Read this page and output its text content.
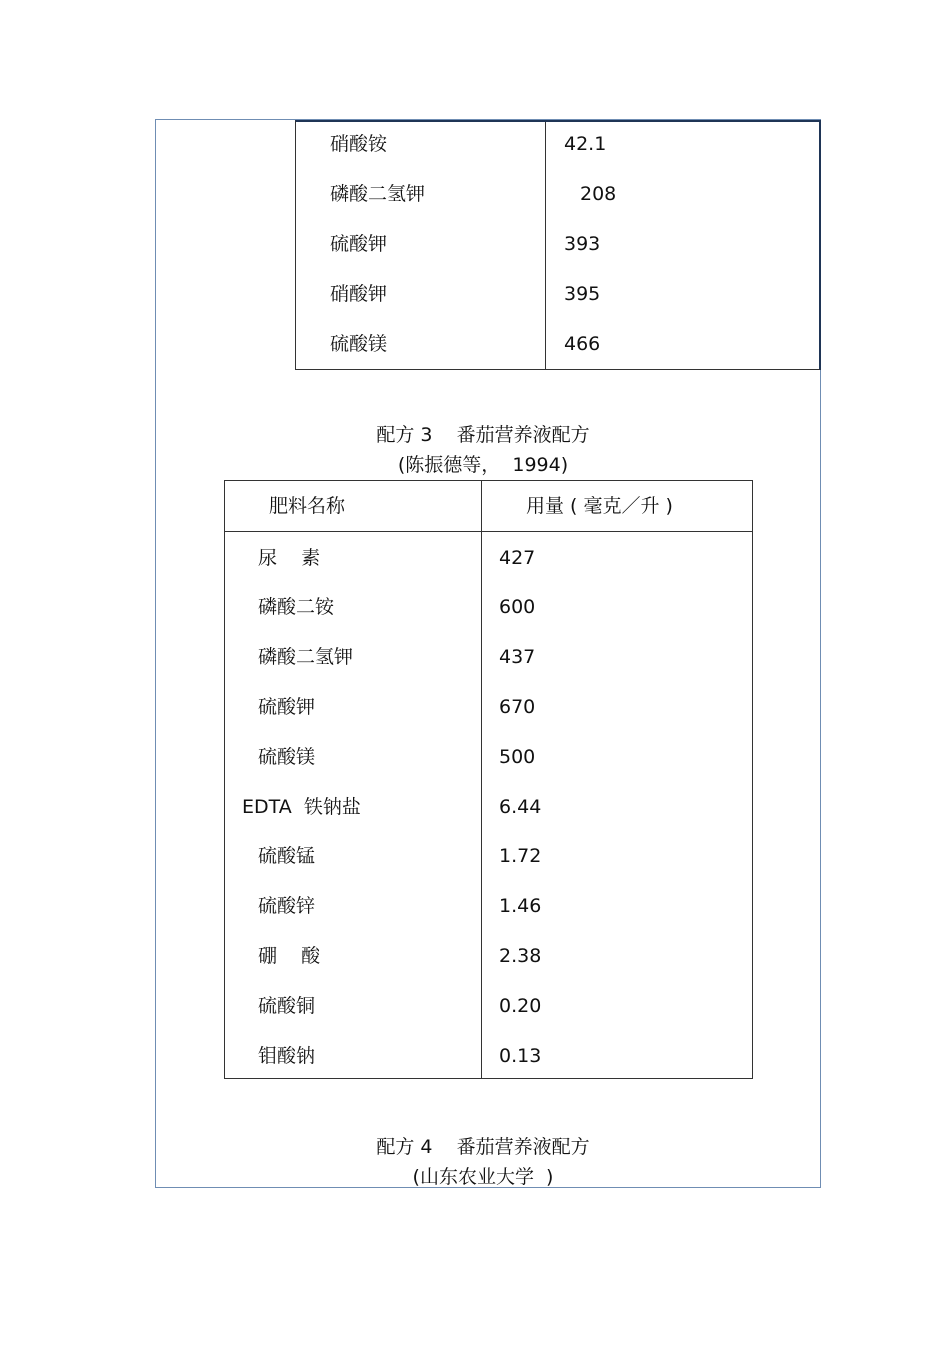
硝酸铵	42.1
磷酸二氢钾	208
硫酸钾	393
硝酸钾	395
硫酸镁	466
配方 3    番茄营养液配方
(陈振德等，  1994)
肥料名称	用量 ( 毫克／升 )
尿    素	427
磷酸二铵	600
磷酸二氢钾	437
硫酸钾	670
硫酸镁	500
EDTA  铁钠盐	6.44
硫酸锰	1.72
硫酸锌	1.46
硼    酸	2.38
硫酸铜	0.20
钼酸钠	0.13
配方 4    番茄营养液配方
(山东农业大学  )
